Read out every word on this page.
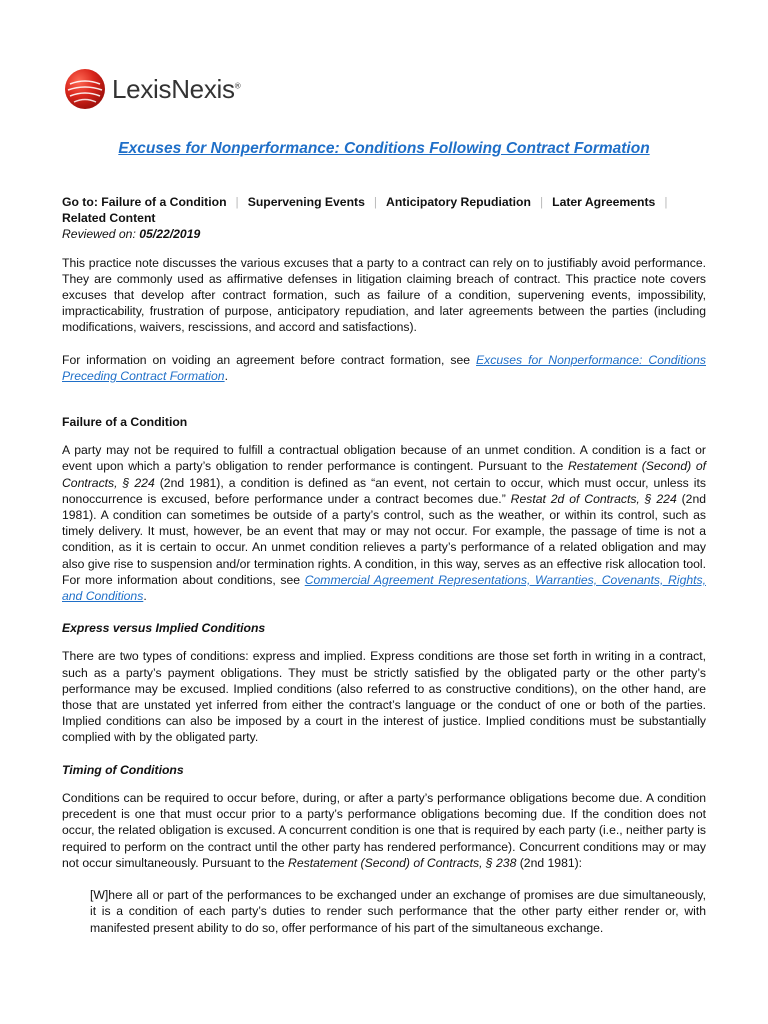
LexisNexis®
Excuses for Nonperformance: Conditions Following Contract Formation
Go to: Failure of a Condition | Supervening Events | Anticipatory Repudiation | Later Agreements |
Related Content
Reviewed on: 05/22/2019

This practice note discusses the various excuses that a party to a contract can rely on to justifiably avoid performance. They are commonly used as affirmative defenses in litigation claiming breach of contract. This practice note covers excuses that develop after contract formation, such as failure of a condition, supervening events, impossibility, impracticability, frustration of purpose, anticipatory repudiation, and later agreements between the parties (including modifications, waivers, rescissions, and accord and satisfactions).

For information on voiding an agreement before contract formation, see Excuses for Nonperformance: Conditions Preceding Contract Formation.

Failure of a Condition

A party may not be required to fulfill a contractual obligation because of an unmet condition. A condition is a fact or event upon which a party’s obligation to render performance is contingent. Pursuant to the Restatement (Second) of Contracts, § 224 (2nd 1981), a condition is defined as “an event, not certain to occur, which must occur, unless its nonoccurrence is excused, before performance under a contract becomes due.” Restat 2d of Contracts, § 224 (2nd 1981). A condition can sometimes be outside of a party’s control, such as the weather, or within its control, such as timely delivery. It must, however, be an event that may or may not occur. For example, the passage of time is not a condition, as it is certain to occur. An unmet condition relieves a party’s performance of a related obligation and may also give rise to suspension and/or termination rights. A condition, in this way, serves as an effective risk allocation tool. For more information about conditions, see Commercial Agreement Representations, Warranties, Covenants, Rights, and Conditions.

Express versus Implied Conditions

There are two types of conditions: express and implied. Express conditions are those set forth in writing in a contract, such as a party’s payment obligations. They must be strictly satisfied by the obligated party or the other party’s performance may be excused. Implied conditions (also referred to as constructive conditions), on the other hand, are those that are unstated yet inferred from either the contract’s language or the conduct of one or both of the parties. Implied conditions can also be imposed by a court in the interest of justice. Implied conditions must be substantially complied with by the obligated party.

Timing of Conditions

Conditions can be required to occur before, during, or after a party’s performance obligations become due. A condition precedent is one that must occur prior to a party’s performance obligations becoming due. If the condition does not occur, the related obligation is excused. A concurrent condition is one that is required by each party (i.e., neither party is required to perform on the contract until the other party has rendered performance). Concurrent conditions may or may not occur simultaneously. Pursuant to the Restatement (Second) of Contracts, § 238 (2nd 1981):

[W]here all or part of the performances to be exchanged under an exchange of promises are due simultaneously, it is a condition of each party’s duties to render such performance that the other party either render or, with manifested present ability to do so, offer performance of his part of the simultaneous exchange.
